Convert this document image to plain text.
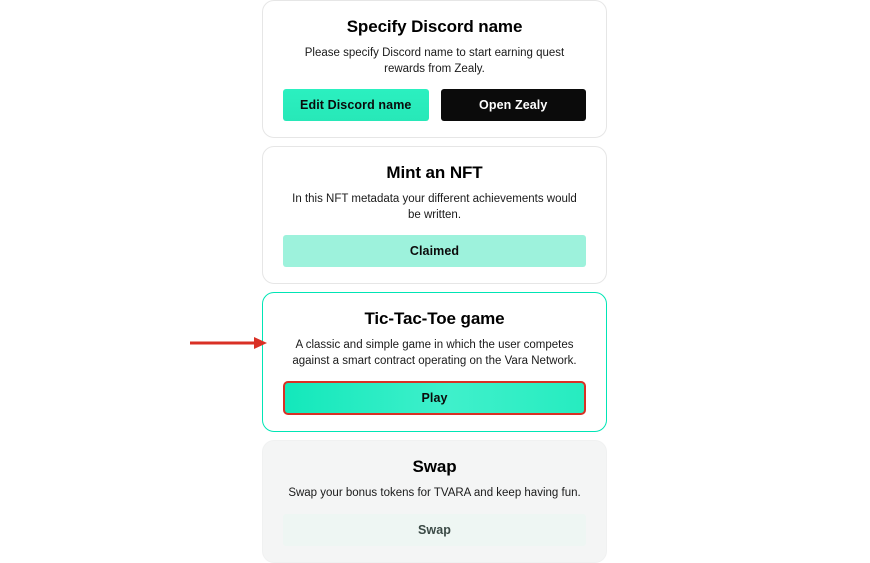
Specify Discord name
Please specify Discord name to start earning quest rewards from Zealy.
Edit Discord name	Open Zealy
Mint an NFT
In this NFT metadata your different achievements would be written.
Claimed
Tic-Tac-Toe game
A classic and simple game in which the user competes against a smart contract operating on the Vara Network.
Play
Swap
Swap your bonus tokens for TVARA and keep having fun.
Swap
